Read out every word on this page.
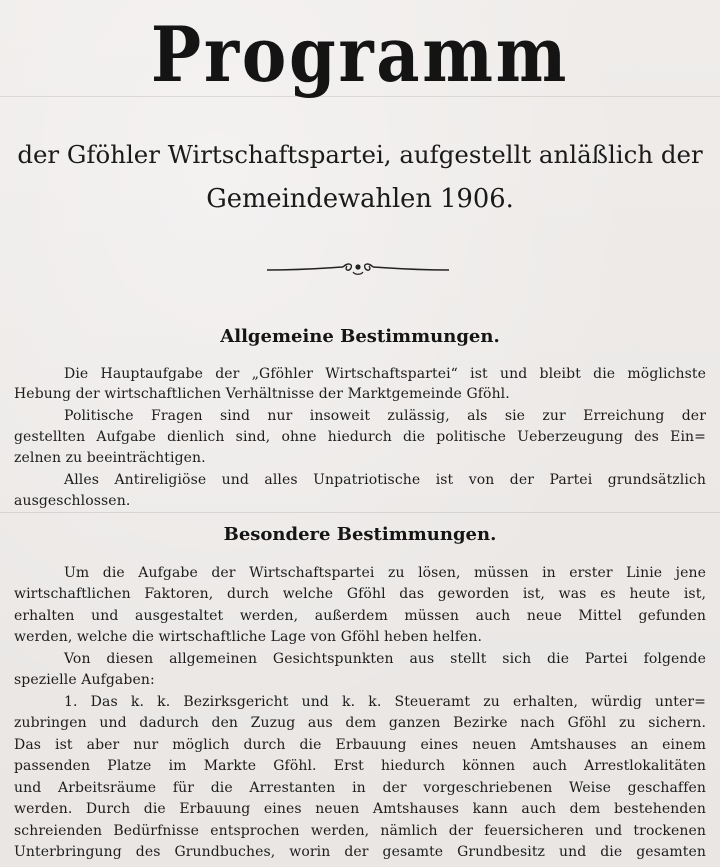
Programm
der Gföhler Wirtschaftspartei, aufgestellt anläßlich der
Gemeindewahlen 1906.
Allgemeine Bestimmungen.
Die Hauptaufgabe der „Gföhler Wirtschaftspartei“ ist und bleibt die möglichste
Hebung der wirtschaftlichen Verhältnisse der Marktgemeinde Gföhl.
Politische Fragen sind nur insoweit zulässig, als sie zur Erreichung der
gestellten Aufgabe dienlich sind, ohne hiedurch die politische Ueberzeugung des Ein=
zelnen zu beeinträchtigen.
Alles Antireligiöse und alles Unpatriotische ist von der Partei grundsätzlich
ausgeschlossen.
Besondere Bestimmungen.
Um die Aufgabe der Wirtschaftspartei zu lösen, müssen in erster Linie jene
wirtschaftlichen Faktoren, durch welche Gföhl das geworden ist, was es heute ist,
erhalten und ausgestaltet werden, außerdem müssen auch neue Mittel gefunden
werden, welche die wirtschaftliche Lage von Gföhl heben helfen.
Von diesen allgemeinen Gesichtspunkten aus stellt sich die Partei folgende
spezielle Aufgaben:
1. Das k. k. Bezirksgericht und k. k. Steueramt zu erhalten, würdig unter=
zubringen und dadurch den Zuzug aus dem ganzen Bezirke nach Gföhl zu sichern.
Das ist aber nur möglich durch die Erbauung eines neuen Amtshauses an einem
passenden Platze im Markte Gföhl. Erst hiedurch können auch Arrestlokalitäten
und Arbeitsräume für die Arrestanten in der vorgeschriebenen Weise geschaffen
werden. Durch die Erbauung eines neuen Amtshauses kann auch dem bestehenden
schreienden Bedürfnisse entsprochen werden, nämlich der feuersicheren und trockenen
Unterbringung des Grundbuches, worin der gesamte Grundbesitz und die gesamten
